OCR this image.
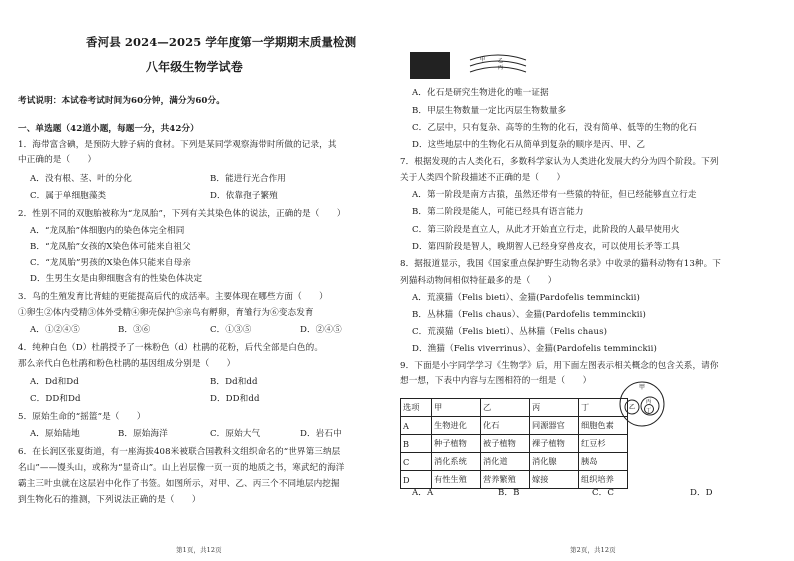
香河县 2024—2025 学年度第一学期期末质量检测
八年级生物学试卷
考试说明：本试卷考试时间为60分钟，满分为60分。
一、单选题（42道小题，每题一分，共42分）
1．海带富含碘，是预防大脖子病的食材。下列是某同学观察海带时所做的记录，其
中正确的是（　　）
A．没有根、茎、叶的分化	B．能进行光合作用
C．属于单细胞藻类	D．依靠孢子繁殖
2．性别不同的双胞胎被称为“龙凤胎”，下列有关其染色体的说法，正确的是（　　）
A．“龙凤胎”体细胞内的染色体完全相同
B．“龙凤胎”女孩的X染色体可能来自祖父
C．“龙凤胎”男孩的X染色体只能来自母亲
D．生男生女是由卵细胞含有的性染色体决定
3．鸟的生殖发育比背蛙的更能提高后代的成活率。主要体现在哪些方面（　　）
①卵生②体内受精③体外受精④卵壳保护⑤亲鸟有孵卵，育雏行为⑥变态发育
A．①②④⑤	B．③⑥	C．①③⑤	D．②④⑤
4．纯种白色（D）杜鹃授予了一株粉色（d）杜鹃的花粉，后代全部是白色的。
那么亲代白色杜鹃和粉色杜鹃的基因组成分别是（　　）
A．Dd和Dd	B．Dd和dd
C．DD和Dd	D．DD和dd
5．原始生命的“摇篮”是（　　）
A．原始陆地	B．原始海洋	C．原始大气	D．岩石中
6．在长润区张夏街道，有一座海拔408米被联合国教科文组织命名的“世界第三纳层
名山”——馒头山，或称为“显奇山”。山上岩层像一页一页的地质之书，寒武纪的海洋
霸主三叶虫就在这层岩中化作了书签。如图所示，对甲、乙、丙三个不同地层内挖掘
到生物化石的推测，下列说法正确的是（　　）
第1页，共12页
甲	乙
丙
A．化石是研究生物进化的唯一证据
B．甲层生物数量一定比丙层生物数量多
C．乙层中，只有复杂、高等的生物的化石，没有简单、低等的生物的化石
D．这些地层中的生物化石从简单到复杂的顺序是丙、甲、乙
7．根据发现的古人类化石，多数科学家认为人类进化发展大约分为四个阶段。下列
关于人类四个阶段描述不正确的是（　　）
A．第一阶段是南方古猿，虽然还带有一些猿的特征，但已经能够直立行走
B．第二阶段是能人，可能已经具有语言能力
C．第三阶段是直立人，从此才开始直立行走，此阶段的人最早使用火
D．第四阶段是智人，晚期智人已经身穿兽皮衣，可以使用长矛等工具
8．据报道显示，我国《国家重点保护野生动物名录》中收录的猫科动物有13种。下
列猫科动物间相似特征最多的是（　　）
A．荒漠猫（Felis bieti）、金猫(Pardofelis temminckii)
B．丛林猫（Felis chaus）、金猫(Pardofelis temminckii)
C．荒漠猫（Felis bieti）、丛林猫（Felis chaus)
D．渔猫（Felis viverrinus）、金猫(Pardofelis temminckii)
9．下面是小宇同学学习《生物学》后，用下面左图表示相关概念的包含关系，请你
想一想，下表中内容与左图相符的一组是（　　）
甲
乙
丙
丁
选项	甲	乙	丙	丁
A	生物进化	化石	同源器官	细胞色素
B	种子植物	被子植物	裸子植物	红豆杉
C	消化系统	消化道	消化腺	胰岛
D	有性生殖	营养繁殖	嫁接	组织培养
A．A	B．B	C．C	D．D
第2页，共12页
